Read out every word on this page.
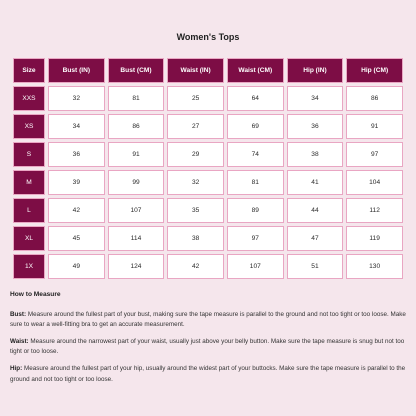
Women's Tops
Size	Bust (IN)	Bust (CM)	Waist (IN)	Waist (CM)	Hip (IN)	Hip (CM)
XXS	32	81	25	64	34	86
XS	34	86	27	69	36	91
S	36	91	29	74	38	97
M	39	99	32	81	41	104
L	42	107	35	89	44	112
XL	45	114	38	97	47	119
1X	49	124	42	107	51	130
How to Measure

Bust: Measure around the fullest part of your bust, making sure the tape measure is parallel to the ground and not too tight or too loose. Make sure to wear a well-fitting bra to get an accurate measurement.

Waist: Measure around the narrowest part of your waist, usually just above your belly button. Make sure the tape measure is snug but not too tight or too loose.

Hip: Measure around the fullest part of your hip, usually around the widest part of your buttocks. Make sure the tape measure is parallel to the ground and not too tight or too loose.
